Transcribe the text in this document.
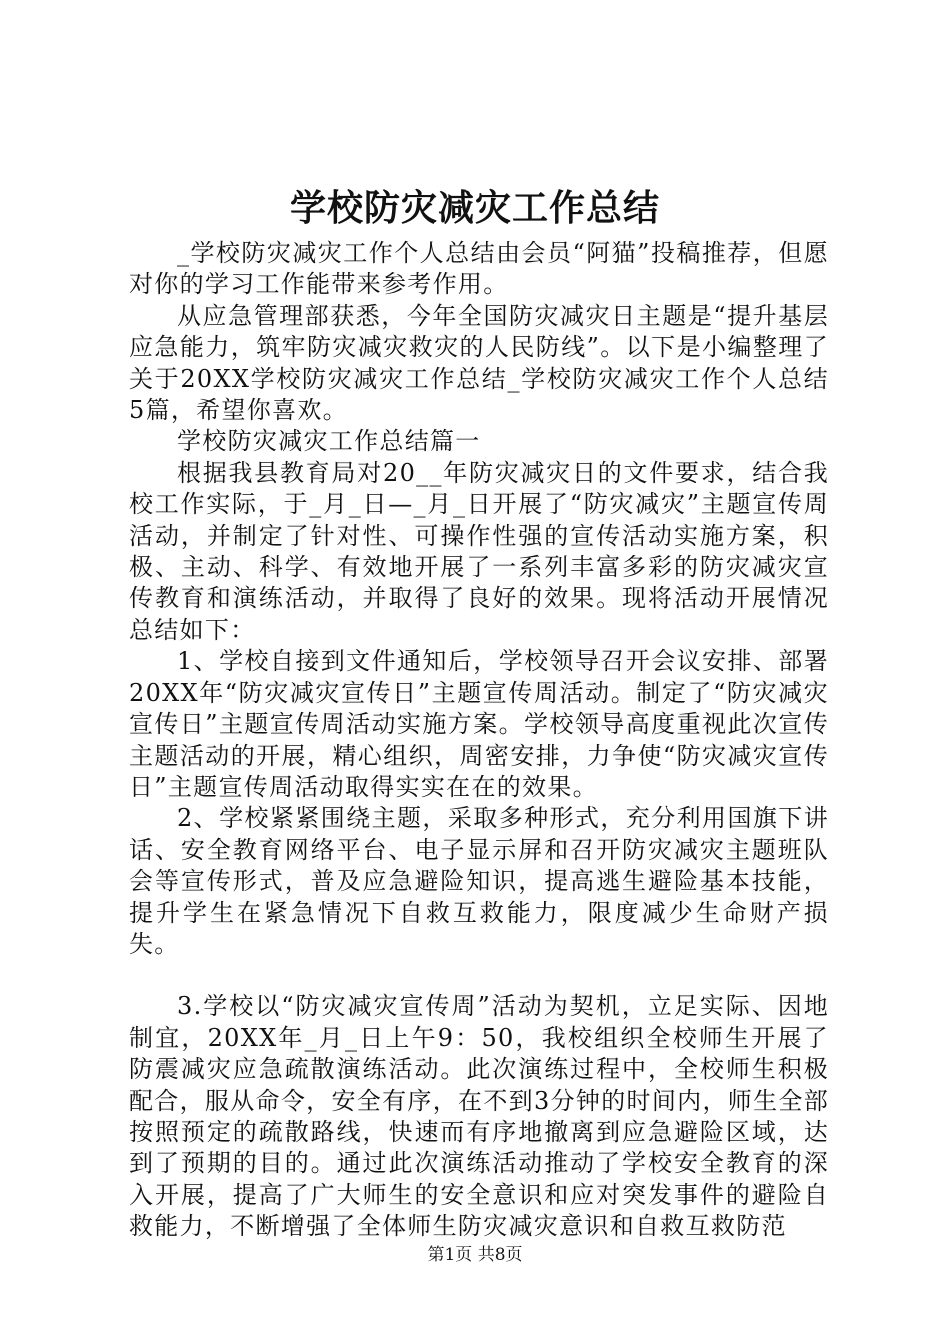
学校防灾减灾工作总结

_学校防灾减灾工作个人总结由会员“阿猫”投稿推荐，但愿对你的学习工作能带来参考作用。

从应急管理部获悉，今年全国防灾减灾日主题是“提升基层应急能力，筑牢防灾减灾救灾的人民防线”。以下是小编整理了关于20XX学校防灾减灾工作总结_学校防灾减灾工作个人总结5篇，希望你喜欢。

学校防灾减灾工作总结篇一

根据我县教育局对20__年防灾减灾日的文件要求，结合我校工作实际，于_月_日—_月_日开展了“防灾减灾”主题宣传周活动，并制定了针对性、可操作性强的宣传活动实施方案，积极、主动、科学、有效地开展了一系列丰富多彩的防灾减灾宣传教育和演练活动，并取得了良好的效果。现将活动开展情况总结如下：

1、学校自接到文件通知后，学校领导召开会议安排、部署20XX年“防灾减灾宣传日”主题宣传周活动。制定了“防灾减灾宣传日”主题宣传周活动实施方案。学校领导高度重视此次宣传主题活动的开展，精心组织，周密安排，力争使“防灾减灾宣传日”主题宣传周活动取得实实在在的效果。

2、学校紧紧围绕主题，采取多种形式，充分利用国旗下讲话、安全教育网络平台、电子显示屏和召开防灾减灾主题班队会等宣传形式，普及应急避险知识，提高逃生避险基本技能，提升学生在紧急情况下自救互救能力，限度减少生命财产损失。

3.学校以“防灾减灾宣传周”活动为契机，立足实际、因地制宜，20XX年_月_日上午9：50，我校组织全校师生开展了防震减灾应急疏散演练活动。此次演练过程中，全校师生积极配合，服从命令，安全有序，在不到3分钟的时间内，师生全部按照预定的疏散路线，快速而有序地撤离到应急避险区域，达到了预期的目的。通过此次演练活动推动了学校安全教育的深入开展，提高了广大师生的安全意识和应对突发事件的避险自救能力，不断增强了全体师生防灾减灾意识和自救互救防范

第1页 共8页
